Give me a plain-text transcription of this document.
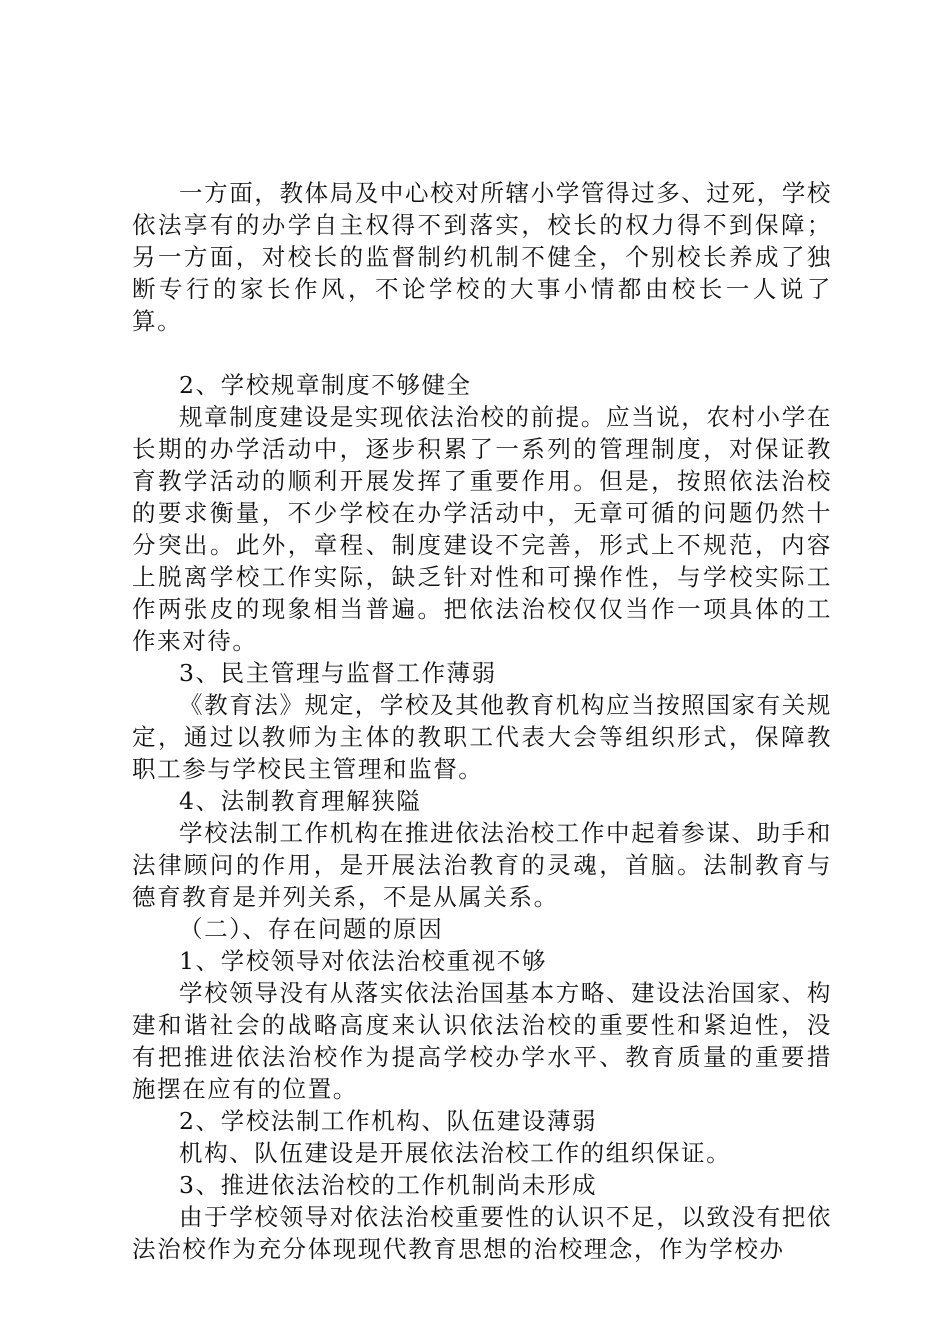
一方面，教体局及中心校对所辖小学管得过多、过死，学校依法享有的办学自主权得不到落实，校长的权力得不到保障；另一方面，对校长的监督制约机制不健全，个别校长养成了独断专行的家长作风，不论学校的大事小情都由校长一人说了算。

2、学校规章制度不够健全

规章制度建设是实现依法治校的前提。应当说，农村小学在长期的办学活动中，逐步积累了一系列的管理制度，对保证教育教学活动的顺利开展发挥了重要作用。但是，按照依法治校的要求衡量，不少学校在办学活动中，无章可循的问题仍然十分突出。此外，章程、制度建设不完善，形式上不规范，内容上脱离学校工作实际，缺乏针对性和可操作性，与学校实际工作两张皮的现象相当普遍。把依法治校仅仅当作一项具体的工作来对待。

3、民主管理与监督工作薄弱

《教育法》规定，学校及其他教育机构应当按照国家有关规定，通过以教师为主体的教职工代表大会等组织形式，保障教职工参与学校民主管理和监督。

4、法制教育理解狭隘

学校法制工作机构在推进依法治校工作中起着参谋、助手和法律顾问的作用，是开展法治教育的灵魂，首脑。法制教育与德育教育是并列关系，不是从属关系。

（二）、存在问题的原因

1、学校领导对依法治校重视不够

学校领导没有从落实依法治国基本方略、建设法治国家、构建和谐社会的战略高度来认识依法治校的重要性和紧迫性，没有把推进依法治校作为提高学校办学水平、教育质量的重要措施摆在应有的位置。

2、学校法制工作机构、队伍建设薄弱

机构、队伍建设是开展依法治校工作的组织保证。

3、推进依法治校的工作机制尚未形成

由于学校领导对依法治校重要性的认识不足，以致没有把依法治校作为充分体现现代教育思想的治校理念，作为学校办
